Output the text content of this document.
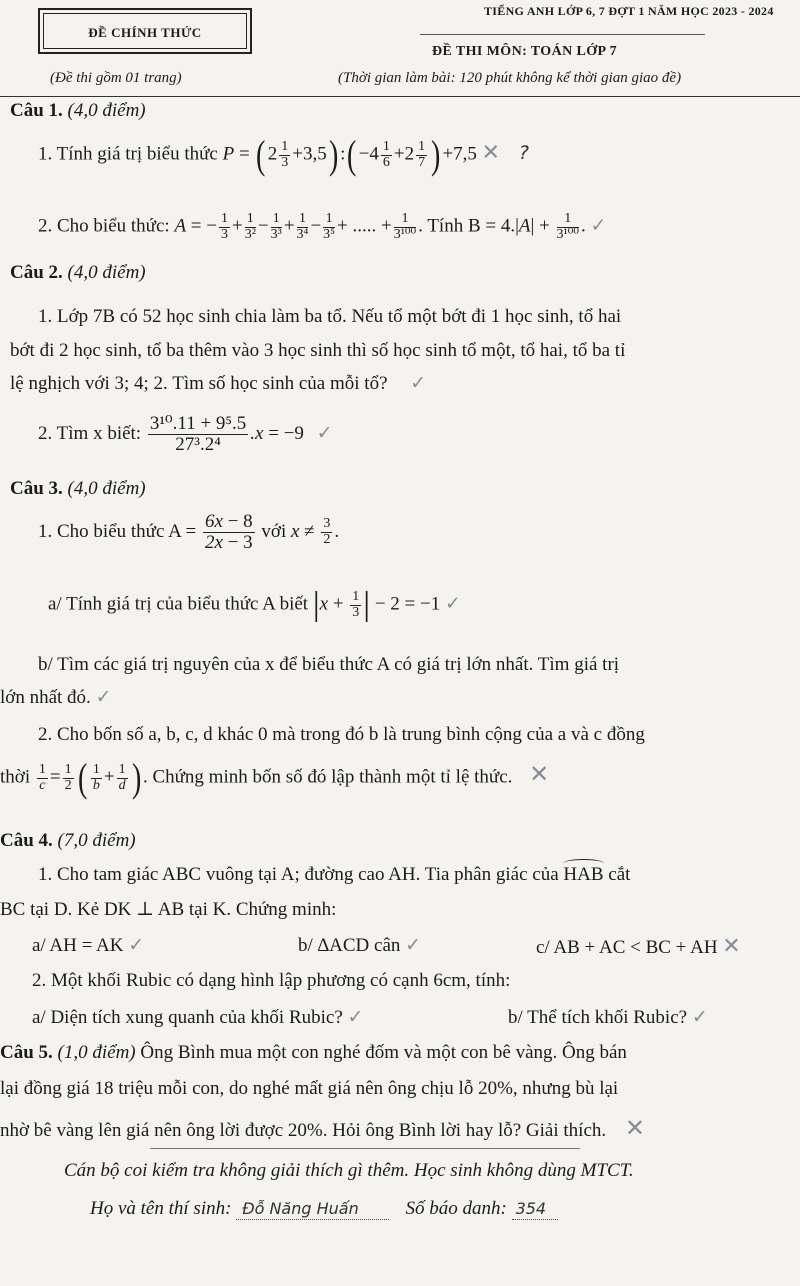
ĐỀ CHÍNH THỨC
TIẾNG ANH LỚP 6, 7 ĐỢT 1 NĂM HỌC 2023 - 2024
ĐỀ THI MÔN: TOÁN LỚP 7
(Đề thi gồm 01 trang)	(Thời gian làm bài: 120 phút không kể thời gian giao đề)
Câu 1. (4,0 điểm)
1. Tính giá trị biểu thức P = ( $2 \frac{1}{3} +3,5$) :( $-4 \frac{1}{6} +2 \frac{1}{7}$ ) +7,5 ✕ ?
2. Cho biểu thức: A = − $\frac{1}{3} + \frac{1}{\text{3²}} - \frac{1}{\text{3³}} + \frac{1}{\text{3⁴}} - \frac{1}{\text{3⁵}}$ + ..... + $\frac{1}{\text{3¹⁰⁰}}$ . Tính $B = 4.|A| + \frac{1}{\text{3¹⁰⁰}}$ . ✓
Câu 2. (4,0 điểm)
1. Lớp 7B có 52 học sinh chia làm ba tổ. Nếu tổ một bớt đi 1 học sinh, tổ hai
bớt đi 2 học sinh, tổ ba thêm vào 3 học sinh thì số học sinh tổ một, tổ hai, tổ ba tỉ
lệ nghịch với 3; 4; 2. Tìm số học sinh của mỗi tổ? ✓
2. Tìm x biết: $\frac{\text{3¹⁰.11 + 9⁵.5}}{\text{27³.2⁴}} .x = -9$ ✓
Câu 3. (4,0 điểm)
1. Cho biểu thức $A = \frac{6x - 8}{2x - 3}$ với $x \ne \frac{3}{2}$ .
a/ Tính giá trị của biểu thức A biết $|x + \frac{1}{3}$ | − 2 = −1 ✓
b/ Tìm các giá trị nguyên của x để biểu thức A có giá trị lớn nhất. Tìm giá trị
lớn nhất đó. ✓
2. Cho bốn số a, b, c, d khác 0 mà trong đó b là trung bình cộng của a và c đồng
thời $\frac{1}{c} = \frac{1}{2}$ ( $\frac{1}{b} + \frac{1}{d}$ ) . Chứng minh bốn số đó lập thành một tỉ lệ thức. ✕
Câu 4. (7,0 điểm)
1. Cho tam giác ABC vuông tại A; đường cao AH. Tia phân giác của HAB cắt
BC tại D. Kẻ DK ⊥ AB tại K. Chứng minh:
a/ AH = AK ✓	b/ ∆ACD cân ✓	c/ AB + AC < BC + AH ✕
2. Một khối Rubic có dạng hình lập phương có cạnh 6cm, tính:
a/ Diện tích xung quanh của khối Rubic? ✓	b/ Thể tích khối Rubic? ✓
Câu 5. (1,0 điểm) Ông Bình mua một con nghé đốm và một con bê vàng. Ông bán
lại đồng giá 18 triệu mỗi con, do nghé mất giá nên ông chịu lỗ 20%, nhưng bù lại
nhờ bê vàng lên giá nên ông lời được 20%. Hỏi ông Bình lời hay lỗ? Giải thích. ✕
Cán bộ coi kiểm tra không giải thích gì thêm. Học sinh không dùng MTCT.
Họ và tên thí sinh: Đỗ Năng Huấn Số báo danh: 354
